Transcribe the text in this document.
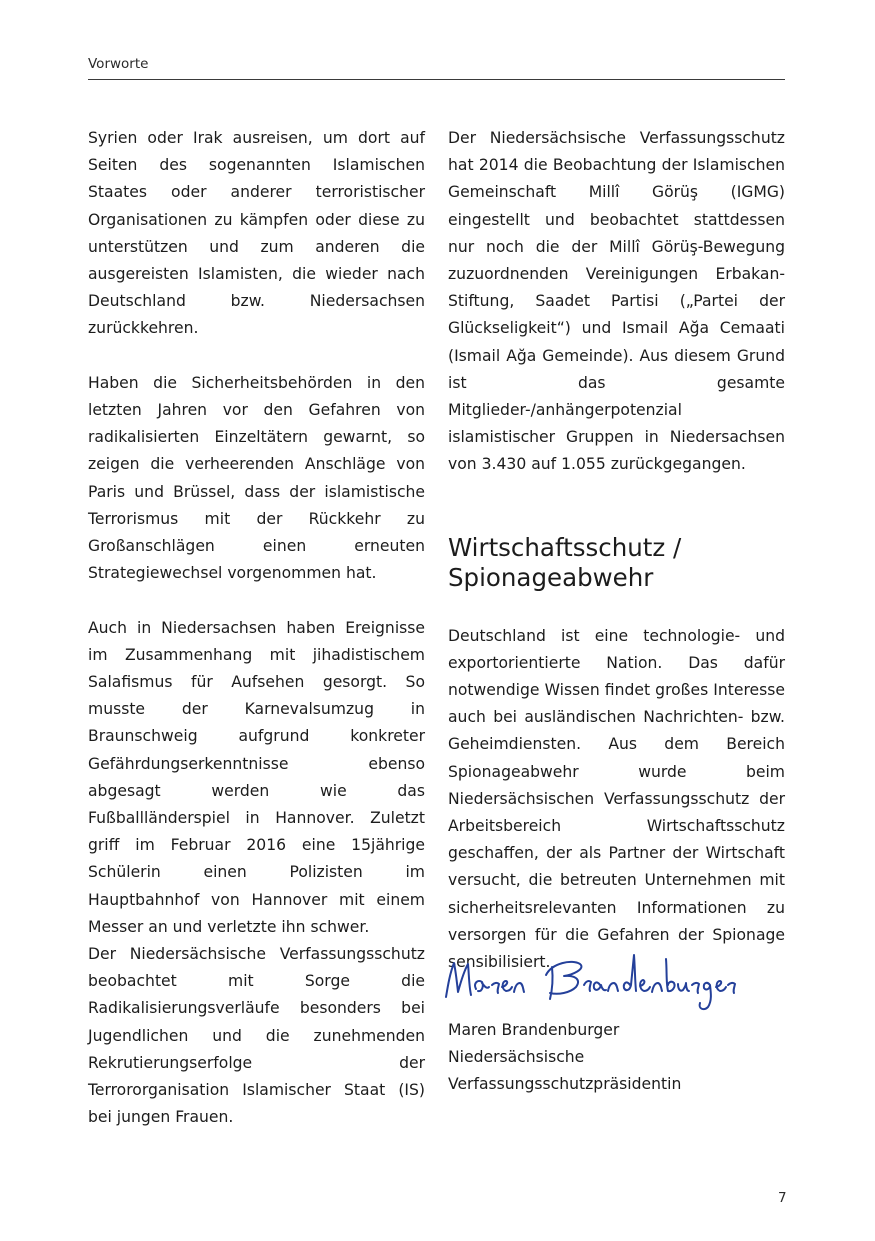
Vorworte

Syrien oder Irak ausreisen, um dort auf Seiten des sogenannten Islamischen Staates oder anderer terroristischer Organisationen zu kämpfen oder diese zu unterstützen und zum anderen die ausgereisten Islamisten, die wieder nach Deutschland bzw. Niedersachsen zurückkehren.

Haben die Sicherheitsbehörden in den letzten Jahren vor den Gefahren von radikalisierten Einzeltätern gewarnt, so zeigen die verheerenden Anschläge von Paris und Brüssel, dass der islamistische Terrorismus mit der Rückkehr zu Großanschlägen einen erneuten Strategiewechsel vorgenommen hat.

Auch in Niedersachsen haben Ereignisse im Zusammenhang mit jihadistischem Salafismus für Aufsehen gesorgt. So musste der Karnevalsumzug in Braunschweig aufgrund konkreter Gefährdungserkenntnisse ebenso abgesagt werden wie das Fußballländerspiel in Hannover. Zuletzt griff im Februar 2016 eine 15jährige Schülerin einen Polizisten im Hauptbahnhof von Hannover mit einem Messer an und verletzte ihn schwer.

Der Niedersächsische Verfassungsschutz beobachtet mit Sorge die Radikalisierungsverläufe besonders bei Jugendlichen und die zunehmenden Rekrutierungserfolge der Terrororganisation Islamischer Staat (IS) bei jungen Frauen.

Der Niedersächsische Verfassungsschutz hat 2014 die Beobachtung der Islamischen Gemeinschaft Millî Görüş (IGMG) eingestellt und beobachtet stattdessen nur noch die der Millî Görüş-Bewegung zuzuordnenden Vereinigungen Erbakan-Stiftung, Saadet Partisi („Partei der Glückseligkeit“) und Ismail Ağa Cemaati (Ismail Ağa Gemeinde). Aus diesem Grund ist das gesamte Mitglieder-/anhängerpotenzial islamistischer Gruppen in Niedersachsen von 3.430 auf 1.055 zurückgegangen.

Wirtschaftsschutz / Spionageabwehr

Deutschland ist eine technologie- und exportorientierte Nation. Das dafür notwendige Wissen findet großes Interesse auch bei ausländischen Nachrichten- bzw. Geheimdiensten. Aus dem Bereich Spionageabwehr wurde beim Niedersächsischen Verfassungsschutz der Arbeitsbereich Wirtschaftsschutz geschaffen, der als Partner der Wirtschaft versucht, die betreuten Unternehmen mit sicherheitsrelevanten Informationen zu versorgen für die Gefahren der Spionage sensibilisiert.

Maren Brandenburger
Niedersächsische
Verfassungsschutzpräsidentin
7
